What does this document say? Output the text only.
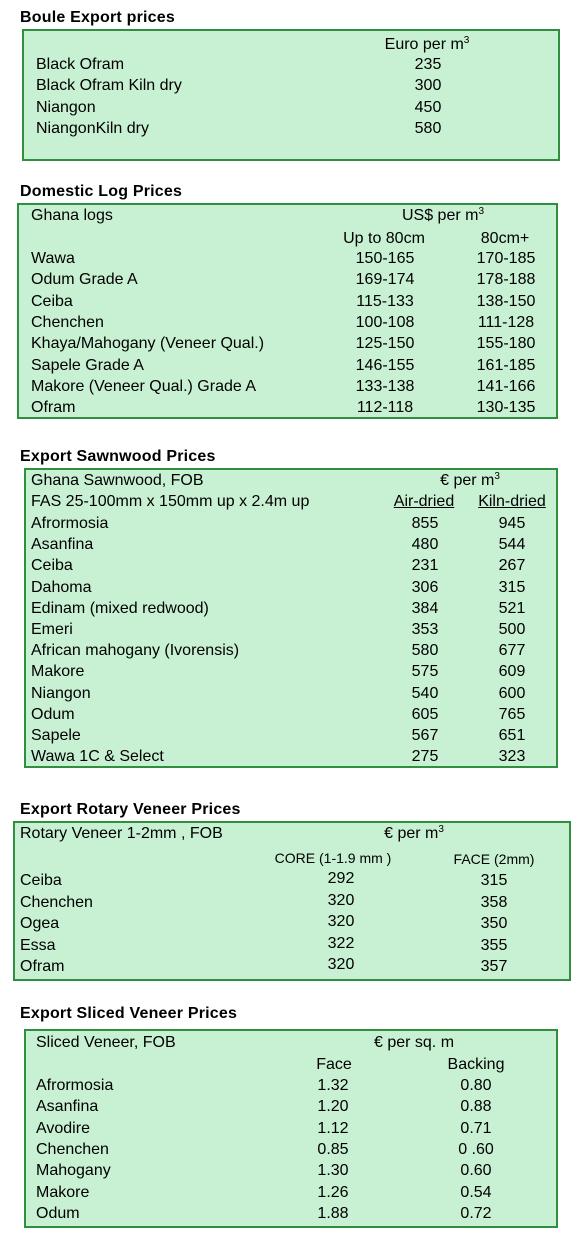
Boule Export prices
Euro per $m^3$
Black Ofram	235
Black Ofram Kiln dry	300
Niangon	450
NiangonKiln dry	580
Domestic Log Prices
Ghana logs	US$ per $m^3$
Up to 80cm	80cm+
Wawa	150-165	170-185
Odum Grade A	169-174	178-188
Ceiba	115-133	138-150
Chenchen	100-108	111-128
Khaya/Mahogany (Veneer Qual.)	125-150	155-180
Sapele Grade A	146-155	161-185
Makore (Veneer Qual.) Grade A	133-138	141-166
Ofram	112-118	130-135
Export Sawnwood Prices
Ghana Sawnwood, FOB	€ per $m^3$
FAS 25-100mm x 150mm up x 2.4m up	Air-dried Kiln-dried
Afrormosia	855	945
Asanfina	480	544
Ceiba	231	267
Dahoma	306	315
Edinam (mixed redwood)	384	521
Emeri	353	500
African mahogany (Ivorensis)	580	677
Makore	575	609
Niangon	540	600
Odum	605	765
Sapele	567	651
Wawa 1C & Select	275	323
Export Rotary Veneer Prices
Rotary Veneer 1-2mm , FOB	€ per $m^3$
CORE (1-1.9 mm )	FACE (2mm)
Ceiba	292	315
Chenchen	320	358
Ogea	320	350
Essa	322	355
Ofram	320	357
Export Sliced Veneer Prices
Sliced Veneer, FOB	€ per sq. m
Face	Backing
Afrormosia	1.32	0.80
Asanfina	1.20	0.88
Avodire	1.12	0.71
Chenchen	0.85	0 .60
Mahogany	1.30	0.60
Makore	1.26	0.54
Odum	1.88	0.72
